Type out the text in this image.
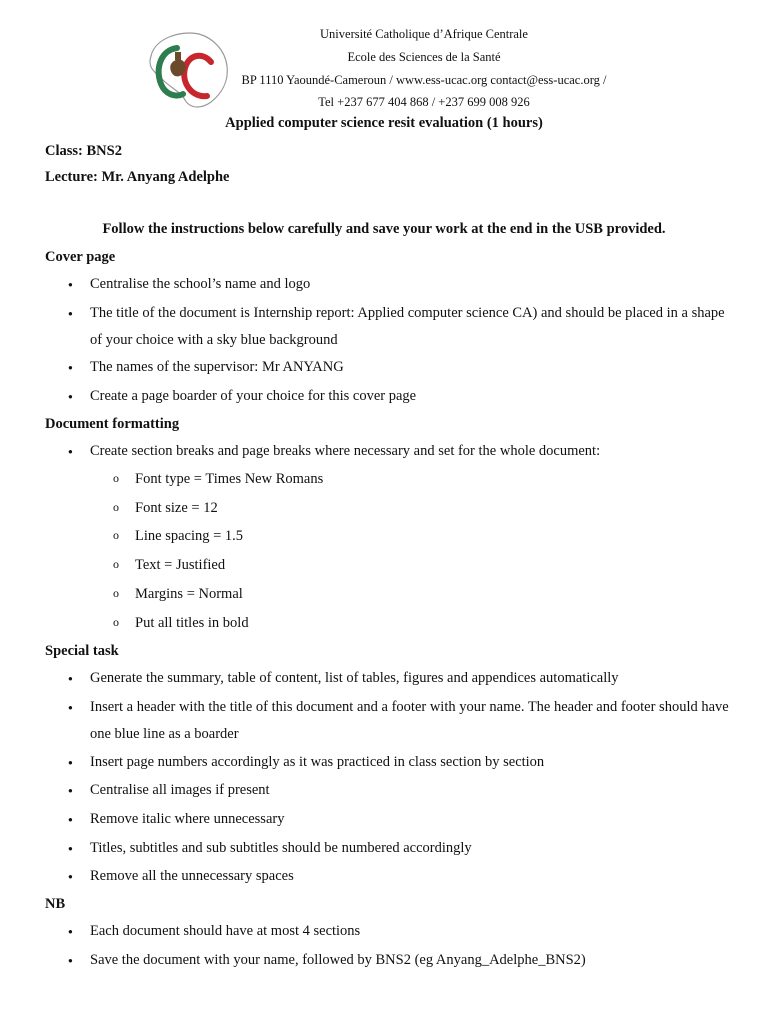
Université Catholique d’Afrique Centrale
Ecole des Sciences de la Santé
BP 1110 Yaoundé-Cameroun / www.ess-ucac.org contact@ess-ucac.org /
Tel +237 677 404 868 / +237 699 008 926
Applied computer science resit evaluation (1 hours)
Class: BNS2
Lecture: Mr. Anyang Adelphe
Follow the instructions below carefully and save your work at the end in the USB provided.
Cover page
● Centralise the school’s name and logo
● The title of the document is Internship report: Applied computer science CA) and should be placed in a shape of your choice with a sky blue background
● The names of the supervisor: Mr ANYANG
● Create a page boarder of your choice for this cover page
Document formatting
● Create section breaks and page breaks where necessary and set for the whole document:
o Font type = Times New Romans
o Font size = 12
o Line spacing = 1.5
o Text = Justified
o Margins = Normal
o Put all titles in bold
Special task
● Generate the summary, table of content, list of tables, figures and appendices automatically
● Insert a header with the title of this document and a footer with your name. The header and footer should have one blue line as a boarder
● Insert page numbers accordingly as it was practiced in class section by section
● Centralise all images if present
● Remove italic where unnecessary
● Titles, subtitles and sub subtitles should be numbered accordingly
● Remove all the unnecessary spaces
NB
● Each document should have at most 4 sections
● Save the document with your name, followed by BNS2 (eg Anyang_Adelphe_BNS2)
